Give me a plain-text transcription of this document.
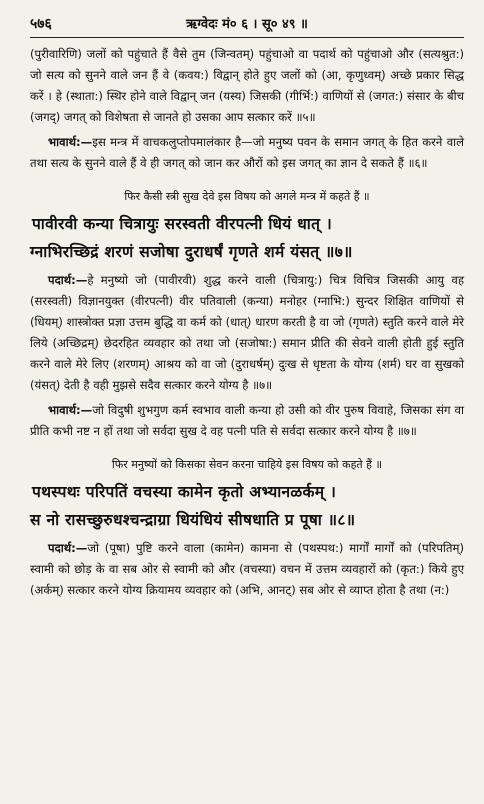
५७६	ऋग्वेदः मं० ६ । सू० ४९ ॥

(पुरीवारिणि) जलों को पहुंचाते हैं वैसे तुम (जिन्वतम्) पहुंचाओ वा पदार्थ को पहुंचाओ और (सत्यश्रुत:) जो सत्य को सुनने वाले जन हैं वे (कवय:) विद्वान् होते हुए जलों को (आ, कृणुध्वम्) अच्छे प्रकार सिद्ध करें । हे (स्थाता:) स्थिर होने वाले विद्वान् जन (यस्य) जिसकी (गीर्भि:) वाणियों से (जगत:) संसार के बीच (जगद्) जगत् को विशेषता से जानते हो उसका आप सत्कार करें ॥५॥

भावार्थ:—इस मन्त्र में वाचकलुप्तोपमालंकार है—जो मनुष्य पवन के समान जगत् के हित करने वाले तथा सत्य के सुनने वाले हैं वे ही जगत् को जान कर औरों को इस जगत् का ज्ञान दे सकते हैं ॥६॥

फिर कैसी स्त्री सुख देवे इस विषय को अगले मन्त्र में कहते हैं ॥

पावीरवी कन्या चित्रायुः सरस्वती वीरपत्नी धियं धात् ।

ग्नाभिरच्छिद्रं शरणं सजोषा दुराधर्षं गृणते शर्म यंसत् ॥७॥

पदार्थ:—हे मनुष्यो जो (पावीरवी) शुद्ध करने वाली (चित्रायु:) चित्र विचित्र जिसकी आयु वह (सरस्वती) विज्ञानयुक्त (वीरपत्नी) वीर पतिवाली (कन्या) मनोहर (ग्नाभि:) सुन्दर शिक्षित वाणियों से (धियम्) शास्त्रोक्त प्रज्ञा उत्तम बुद्धि वा कर्म को (धात्) धारण करती है वा जो (गृणते) स्तुति करने वाले मेरे लिये (अच्छिद्रम्) छेदरहित व्यवहार को तथा जो (सजोषा:) समान प्रीति की सेवने वाली होती हुई स्तुति करने वाले मेरे लिए (शरणम्) आश्रय को वा जो (दुराधर्षम्) दुःख से धृष्टता के योग्य (शर्म) घर वा सुखको (यंसत्) देती है वही मुझसे सदैव सत्कार करने योग्य है ॥७॥

भावार्थ:—जो विदुषी शुभगुण कर्म स्वभाव वाली कन्या हो उसी को वीर पुरुष विवाहे, जिसका संग वा प्रीति कभी नष्ट न हों तथा जो सर्वदा सुख दे वह पत्नी पति से सर्वदा सत्कार करने योग्य है ॥७॥

फिर मनुष्यों को किसका सेवन करना चाहिये इस विषय को कहते हैं ॥

पथस्पथः परिपतिं वचस्या कामेन कृतो अभ्यानळर्कम् ।

स नो रासच्छुरुधश्चन्द्राग्रा धियंधियं सीषधाति प्र पूषा ॥८॥

पदार्थ:—जो (पूषा) पुष्टि करने वाला (कामेन) कामना से (पथस्पथ:) मार्गों मार्गों को (परिपतिम्) स्वामी को छोड़ के वा सब ओर से स्वामी को और (वचस्या) वचन में उत्तम व्यवहारों को (कृत:) किये हुए (अर्कम्) सत्कार करने योग्य क्रियामय व्यवहार को (अभि, आनट्) सब ओर से व्याप्त होता है तथा (न:)
